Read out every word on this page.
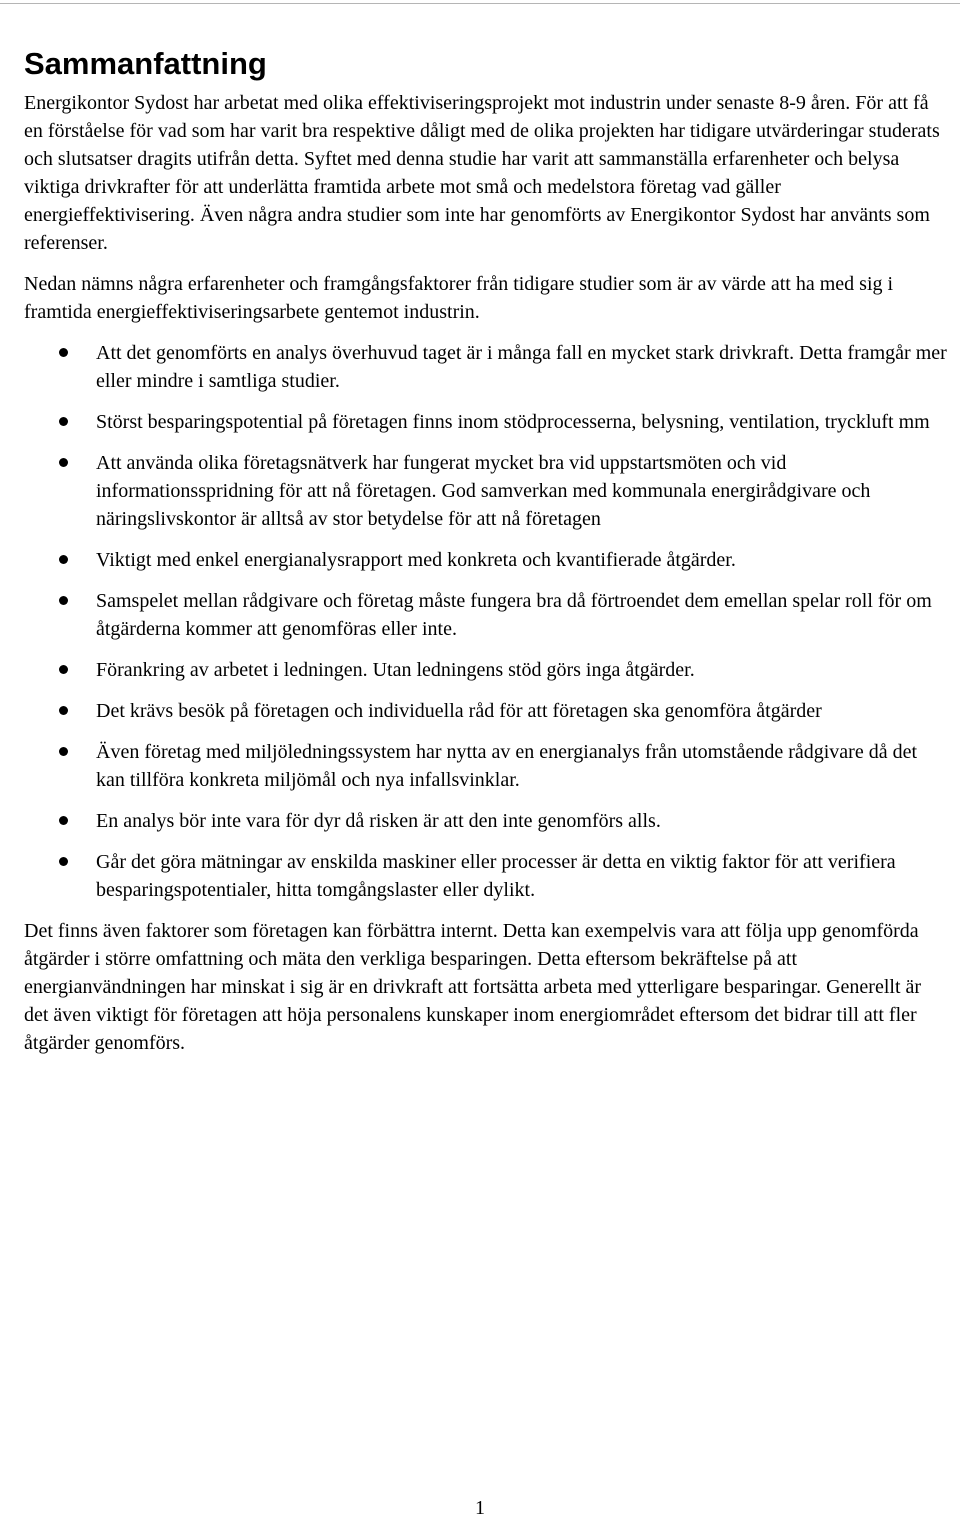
Sammanfattning

Energikontor Sydost har arbetat med olika effektiviseringsprojekt mot industrin under senaste 8-9 åren. För att få en förståelse för vad som har varit bra respektive dåligt med de olika projekten har tidigare utvärderingar studerats och slutsatser dragits utifrån detta. Syftet med denna studie har varit att sammanställa erfarenheter och belysa viktiga drivkrafter för att underlätta framtida arbete mot små och medelstora företag vad gäller energieffektivisering. Även några andra studier som inte har genomförts av Energikontor Sydost har använts som referenser.

Nedan nämns några erfarenheter och framgångsfaktorer från tidigare studier som är av värde att ha med sig i framtida energieffektiviseringsarbete gentemot industrin.

Att det genomförts en analys överhuvud taget är i många fall en mycket stark drivkraft. Detta framgår mer eller mindre i samtliga studier.
Störst besparingspotential på företagen finns inom stödprocesserna, belysning, ventilation, tryckluft mm
Att använda olika företagsnätverk har fungerat mycket bra vid uppstartsmöten och vid informationsspridning för att nå företagen. God samverkan med kommunala energirådgivare och näringslivskontor är alltså av stor betydelse för att nå företagen
Viktigt med enkel energianalysrapport med konkreta och kvantifierade åtgärder.
Samspelet mellan rådgivare och företag måste fungera bra då förtroendet dem emellan spelar roll för om åtgärderna kommer att genomföras eller inte.
Förankring av arbetet i ledningen. Utan ledningens stöd görs inga åtgärder.
Det krävs besök på företagen och individuella råd för att företagen ska genomföra åtgärder
Även företag med miljöledningssystem har nytta av en energianalys från utomstående rådgivare då det kan tillföra konkreta miljömål och nya infallsvinklar.
En analys bör inte vara för dyr då risken är att den inte genomförs alls.
Går det göra mätningar av enskilda maskiner eller processer är detta en viktig faktor för att verifiera besparingspotentialer, hitta tomgångslaster eller dylikt.

Det finns även faktorer som företagen kan förbättra internt. Detta kan exempelvis vara att följa upp genomförda åtgärder i större omfattning och mäta den verkliga besparingen. Detta eftersom bekräftelse på att energianvändningen har minskat i sig är en drivkraft att fortsätta arbeta med ytterligare besparingar. Generellt är det även viktigt för företagen att höja personalens kunskaper inom energiområdet eftersom det bidrar till att fler åtgärder genomförs.

1
